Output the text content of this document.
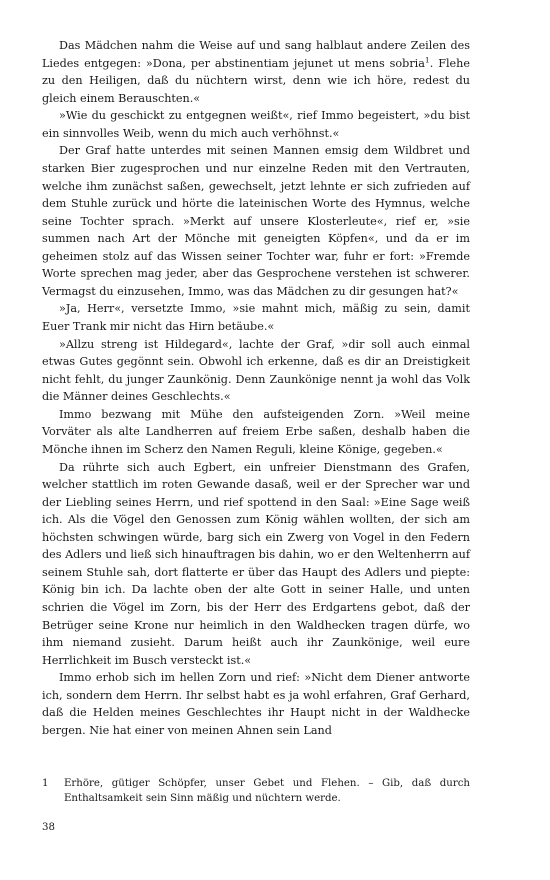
Das Mädchen nahm die Weise auf und sang halblaut andere Zeilen des Liedes entgegen: »Dona, per abstinentiam jejunet ut mens sobria$^1$. Flehe zu den Heiligen, daß du nüchtern wirst, denn wie ich höre, redest du gleich einem Berauschten.«

»Wie du geschickt zu entgegnen weißt«, rief Immo begeistert, »du bist ein sinnvolles Weib, wenn du mich auch verhöhnst.«

Der Graf hatte unterdes mit seinen Mannen emsig dem Wildbret und starken Bier zugesprochen und nur einzelne Reden mit den Vertrauten, welche ihm zunächst saßen, gewechselt, jetzt lehnte er sich zufrieden auf dem Stuhle zurück und hörte die lateinischen Worte des Hymnus, welche seine Tochter sprach. »Merkt auf unsere Klosterleute«, rief er, »sie summen nach Art der Mönche mit geneigten Köpfen«, und da er im geheimen stolz auf das Wissen seiner Tochter war, fuhr er fort: »Fremde Worte sprechen mag jeder, aber das Gesprochene verstehen ist schwerer. Vermagst du einzusehen, Immo, was das Mädchen zu dir gesungen hat?«

»Ja, Herr«, versetzte Immo, »sie mahnt mich, mäßig zu sein, damit Euer Trank mir nicht das Hirn betäube.«

»Allzu streng ist Hildegard«, lachte der Graf, »dir soll auch einmal etwas Gutes gegönnt sein. Obwohl ich erkenne, daß es dir an Dreistigkeit nicht fehlt, du junger Zaunkönig. Denn Zaunkönige nennt ja wohl das Volk die Männer deines Geschlechts.«

Immo bezwang mit Mühe den aufsteigenden Zorn. »Weil meine Vorväter als alte Landherren auf freiem Erbe saßen, deshalb haben die Mönche ihnen im Scherz den Namen Reguli, kleine Könige, gegeben.«

Da rührte sich auch Egbert, ein unfreier Dienstmann des Grafen, welcher stattlich im roten Gewande dasaß, weil er der Sprecher war und der Liebling seines Herrn, und rief spottend in den Saal: »Eine Sage weiß ich. Als die Vögel den Genossen zum König wählen wollten, der sich am höchsten schwingen würde, barg sich ein Zwerg von Vogel in den Federn des Adlers und ließ sich hinauftragen bis dahin, wo er den Weltenherrn auf seinem Stuhle sah, dort flatterte er über das Haupt des Adlers und piepte: König bin ich. Da lachte oben der alte Gott in seiner Halle, und unten schrien die Vögel im Zorn, bis der Herr des Erdgartens gebot, daß der Betrüger seine Krone nur heimlich in den Waldhecken tragen dürfe, wo ihm niemand zusieht. Darum heißt auch ihr Zaunkönige, weil eure Herrlichkeit im Busch versteckt ist.«

Immo erhob sich im hellen Zorn und rief: »Nicht dem Diener antworte ich, sondern dem Herrn. Ihr selbst habt es ja wohl erfahren, Graf Gerhard, daß die Helden meines Geschlechtes ihr Haupt nicht in der Waldhecke bergen. Nie hat einer von meinen Ahnen sein Land

1	Erhöre, gütiger Schöpfer, unser Gebet und Flehen. – Gib, daß durch Enthaltsamkeit sein Sinn mäßig und nüchtern werde.
38
